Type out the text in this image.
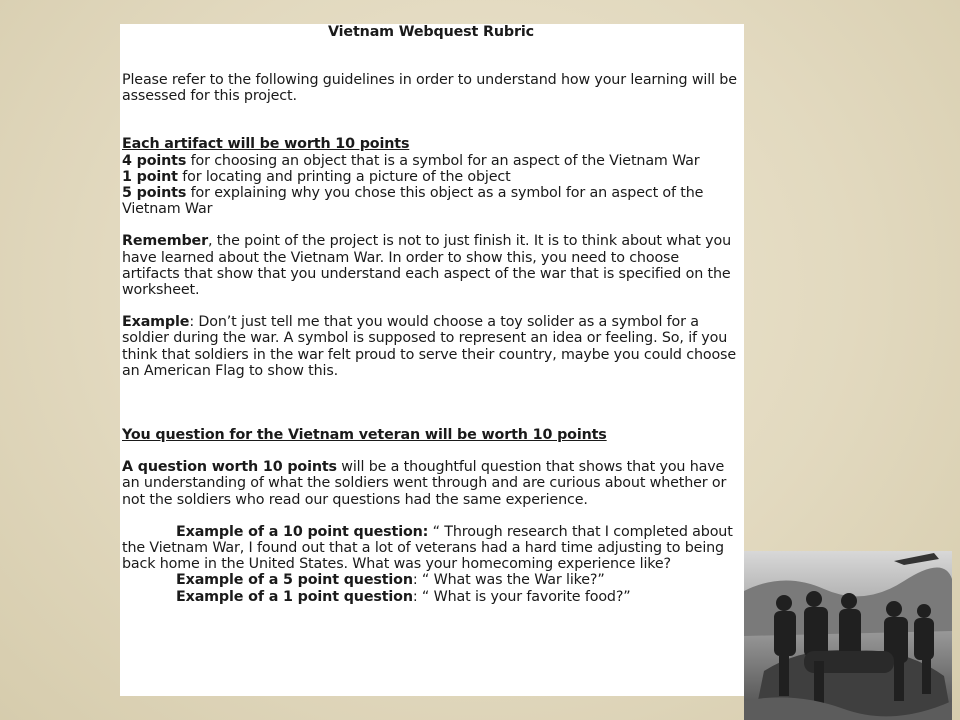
Vietnam Webquest Rubric

Please refer to the following guidelines in order to understand how your learning will be assessed for this project.

Each artifact will be worth 10 points

4 points for choosing an object that is a symbol for an aspect of the Vietnam War

1 point for locating and printing a picture of the object

5 points for explaining why you chose this object as a symbol for an aspect of the Vietnam War

Remember, the point of the project is not to just finish it. It is to think about what you have learned about the Vietnam War. In order to show this, you need to choose artifacts that show that you understand each aspect of the war that is specified on the worksheet.

Example: Don’t just tell me that you would choose a toy solider as a symbol for a soldier during the war. A symbol is supposed to represent an idea or feeling. So, if you think that soldiers in the war felt proud to serve their country, maybe you could choose an American Flag to show this.

You question for the Vietnam veteran will be worth 10 points

A question worth 10 points will be a thoughtful question that shows that you have an understanding of what the soldiers went through and are curious about whether or not the soldiers who read our questions had the same experience.

Example of a 10 point question: “ Through research that I completed about the Vietnam War, I found out that a lot of veterans had a hard time adjusting to being back home in the United States. What was your homecoming experience like?

Example of a 5 point question: “ What was the War like?”

Example of a 1 point question: “ What is your favorite food?”
